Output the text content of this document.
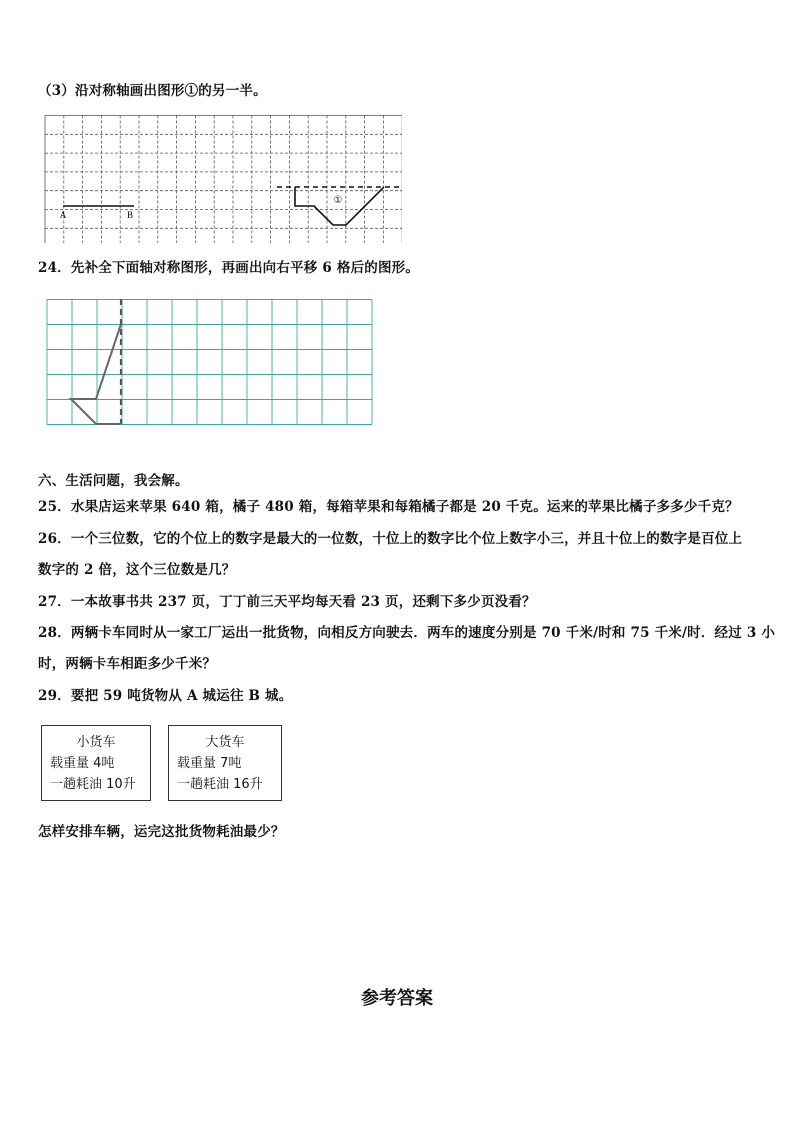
（3）沿对称轴画出图形①的另一半。
A	B
①
24．先补全下面轴对称图形，再画出向右平移 6 格后的图形。
六、生活问题，我会解。
25．水果店运来苹果 640 箱，橘子 480 箱，每箱苹果和每箱橘子都是 20 千克。运来的苹果比橘子多多少千克？
26．一个三位数，它的个位上的数字是最大的一位数，十位上的数字比个位上数字小三，并且十位上的数字是百位上
数字的 2 倍，这个三位数是几？
27．一本故事书共 237 页，丁丁前三天平均每天看 23 页，还剩下多少页没看？
28．两辆卡车同时从一家工厂运出一批货物，向相反方向驶去．两车的速度分别是 70 千米/时和 75 千米/时．经过 3 小
时，两辆卡车相距多少千米？
29．要把 59 吨货物从 A 城运往 B 城。
小货车
载重量 4吨
一趟耗油 10升
大货车
载重量 7吨
一趟耗油 16升
怎样安排车辆，运完这批货物耗油最少？
参考答案
